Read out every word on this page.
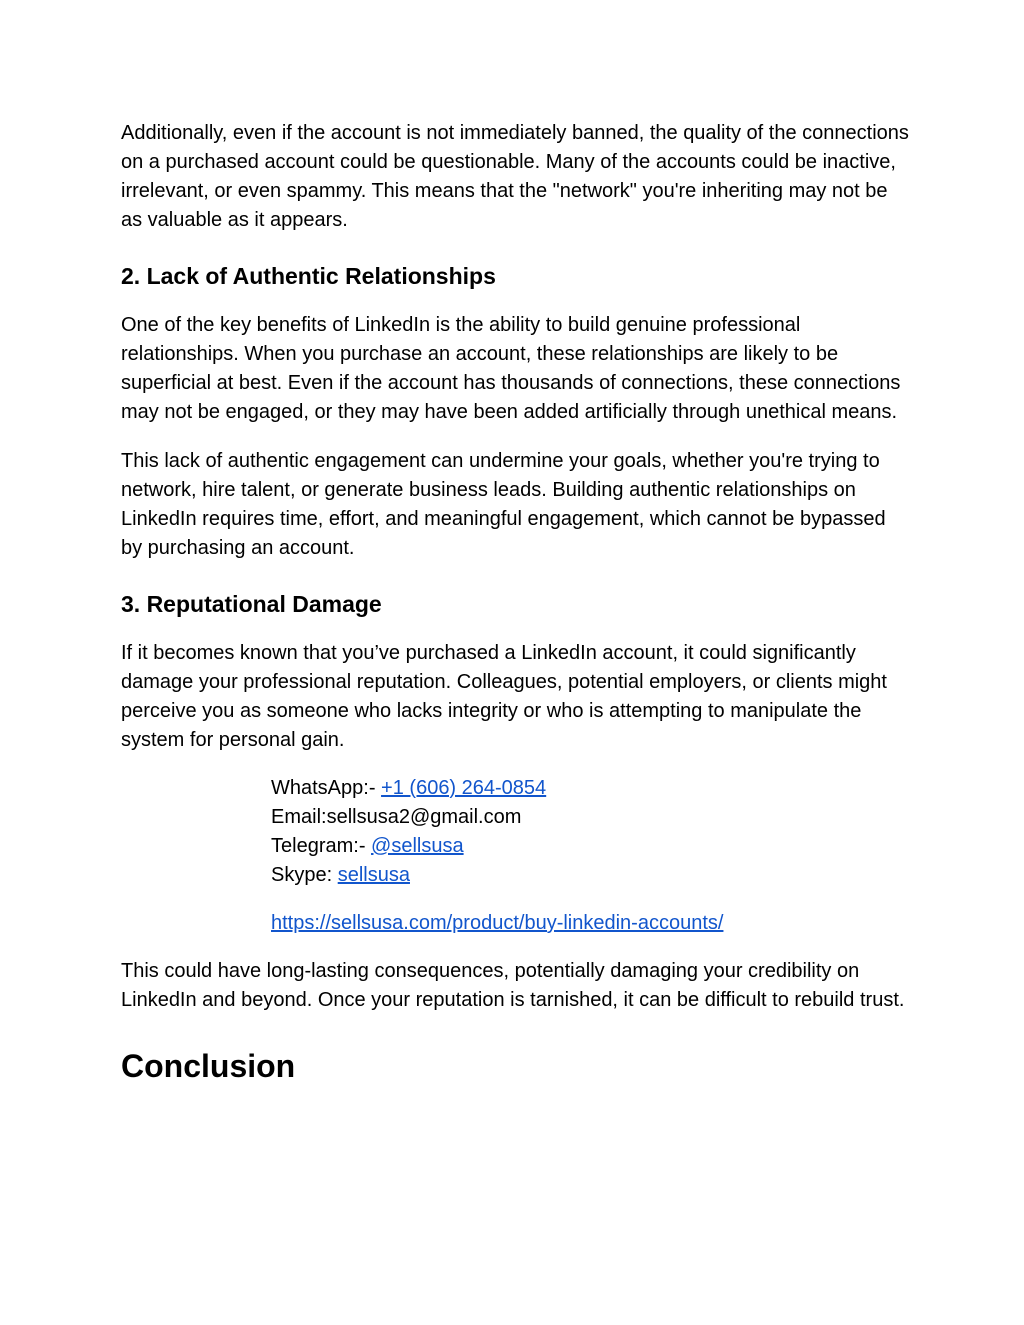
Additionally, even if the account is not immediately banned, the quality of the connections on a purchased account could be questionable. Many of the accounts could be inactive, irrelevant, or even spammy. This means that the "network" you're inheriting may not be as valuable as it appears.

2. Lack of Authentic Relationships

One of the key benefits of LinkedIn is the ability to build genuine professional relationships. When you purchase an account, these relationships are likely to be superficial at best. Even if the account has thousands of connections, these connections may not be engaged, or they may have been added artificially through unethical means.

This lack of authentic engagement can undermine your goals, whether you're trying to network, hire talent, or generate business leads. Building authentic relationships on LinkedIn requires time, effort, and meaningful engagement, which cannot be bypassed by purchasing an account.

3. Reputational Damage

If it becomes known that you’ve purchased a LinkedIn account, it could significantly damage your professional reputation. Colleagues, potential employers, or clients might perceive you as someone who lacks integrity or who is attempting to manipulate the system for personal gain.

WhatsApp:- +1 (606) 264-0854

Email:sellsusa2@gmail.com

Telegram:- @sellsusa

Skype: sellsusa

https://sellsusa.com/product/buy-linkedin-accounts/

This could have long-lasting consequences, potentially damaging your credibility on LinkedIn and beyond. Once your reputation is tarnished, it can be difficult to rebuild trust.

Conclusion
